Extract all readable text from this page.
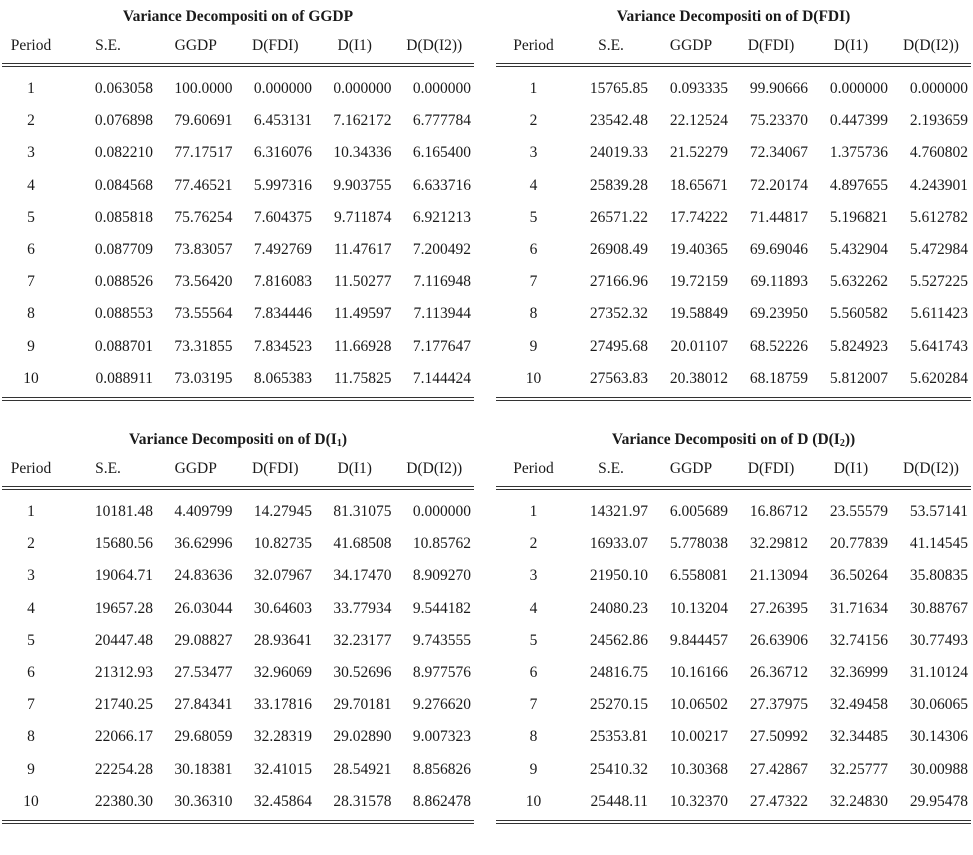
Variance Decompositi on of GGDP
Period	S.E.	GGDP	D(FDI)	D(I1)	D(D(I2))

1	0.063058	100.0000	0.000000	0.000000	0.000000
2	0.076898	79.60691	6.453131	7.162172	6.777784
3	0.082210	77.17517	6.316076	10.34336	6.165400
4	0.084568	77.46521	5.997316	9.903755	6.633716
5	0.085818	75.76254	7.604375	9.711874	6.921213
6	0.087709	73.83057	7.492769	11.47617	7.200492
7	0.088526	73.56420	7.816083	11.50277	7.116948
8	0.088553	73.55564	7.834446	11.49597	7.113944
9	0.088701	73.31855	7.834523	11.66928	7.177647
10	0.088911	73.03195	8.065383	11.75825	7.144424
Variance Decompositi on of D(FDI)
Period	S.E.	GGDP	D(FDI)	D(I1)	D(D(I2))

1	15765.85	0.093335	99.90666	0.000000	0.000000
2	23542.48	22.12524	75.23370	0.447399	2.193659
3	24019.33	21.52279	72.34067	1.375736	4.760802
4	25839.28	18.65671	72.20174	4.897655	4.243901
5	26571.22	17.74222	71.44817	5.196821	5.612782
6	26908.49	19.40365	69.69046	5.432904	5.472984
7	27166.96	19.72159	69.11893	5.632262	5.527225
8	27352.32	19.58849	69.23950	5.560582	5.611423
9	27495.68	20.01107	68.52226	5.824923	5.641743
10	27563.83	20.38012	68.18759	5.812007	5.620284
Variance Decompositi on of $D(I_1)$
Period	S.E.	GGDP	D(FDI)	D(I1)	D(D(I2))

1	10181.48	4.409799	14.27945	81.31075	0.000000
2	15680.56	36.62996	10.82735	41.68508	10.85762
3	19064.71	24.83636	32.07967	34.17470	8.909270
4	19657.28	26.03044	30.64603	33.77934	9.544182
5	20447.48	29.08827	28.93641	32.23177	9.743555
6	21312.93	27.53477	32.96069	30.52696	8.977576
7	21740.25	27.84341	33.17816	29.70181	9.276620
8	22066.17	29.68059	32.28319	29.02890	9.007323
9	22254.28	30.18381	32.41015	28.54921	8.856826
10	22380.30	30.36310	32.45864	28.31578	8.862478
Variance Decompositi on of D $(D(I_2))$
Period	S.E.	GGDP	D(FDI)	D(I1)	D(D(I2))

1	14321.97	6.005689	16.86712	23.55579	53.57141
2	16933.07	5.778038	32.29812	20.77839	41.14545
3	21950.10	6.558081	21.13094	36.50264	35.80835
4	24080.23	10.13204	27.26395	31.71634	30.88767
5	24562.86	9.844457	26.63906	32.74156	30.77493
6	24816.75	10.16166	26.36712	32.36999	31.10124
7	25270.15	10.06502	27.37975	32.49458	30.06065
8	25353.81	10.00217	27.50992	32.34485	30.14306
9	25410.32	10.30368	27.42867	32.25777	30.00988
10	25448.11	10.32370	27.47322	32.24830	29.95478
